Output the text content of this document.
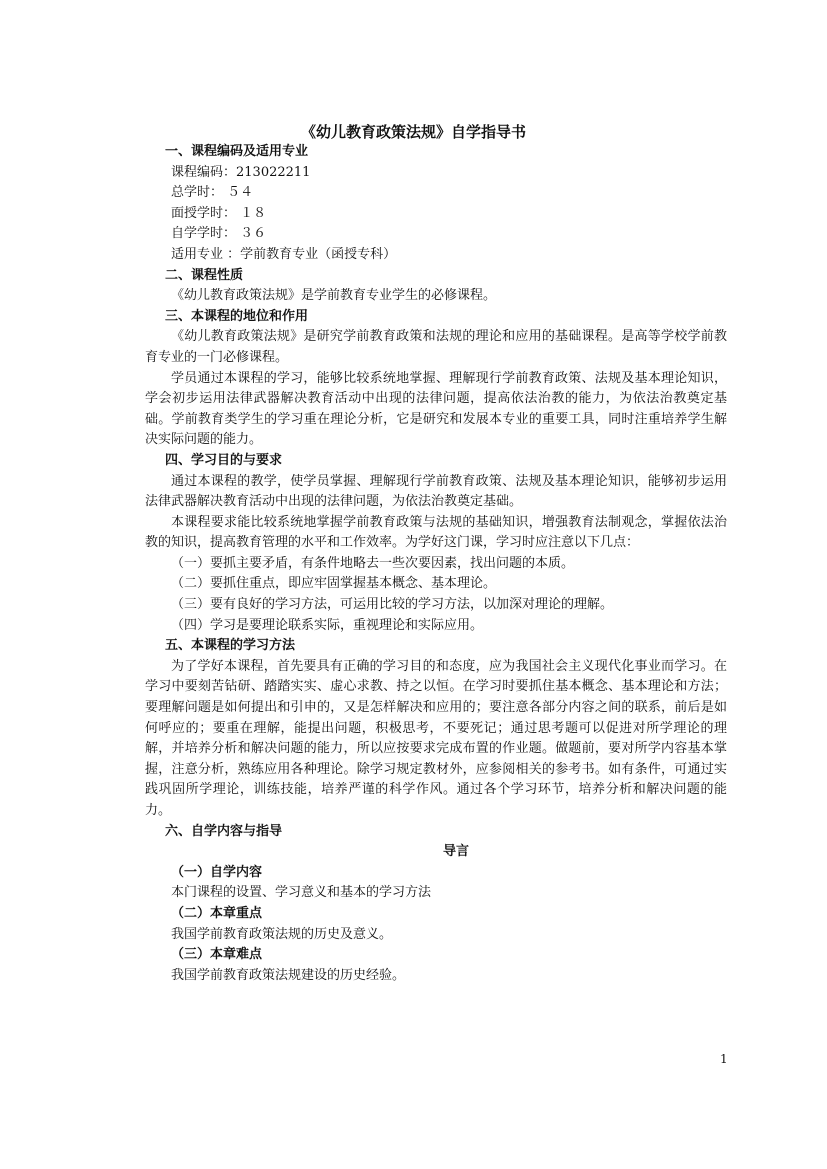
《幼儿教育政策法规》自学指导书

一、课程编码及适用专业

课程编码：213022211

总学时： ５４

面授学时： １８

自学学时： ３６

适用专业 ：学前教育专业（函授专科）

二、课程性质

《幼儿教育政策法规》是学前教育专业学生的必修课程。

三、本课程的地位和作用

《幼儿教育政策法规》是研究学前教育政策和法规的理论和应用的基础课程。是高等学校学前教育专业的一门必修课程。

学员通过本课程的学习，能够比较系统地掌握、理解现行学前教育政策、法规及基本理论知识，学会初步运用法律武器解决教育活动中出现的法律问题，提高依法治教的能力，为依法治教奠定基础。学前教育类学生的学习重在理论分析，它是研究和发展本专业的重要工具，同时注重培养学生解决实际问题的能力。

四、学习目的与要求

通过本课程的教学，使学员掌握、理解现行学前教育政策、法规及基本理论知识，能够初步运用法律武器解决教育活动中出现的法律问题，为依法治教奠定基础。

本课程要求能比较系统地掌握学前教育政策与法规的基础知识，增强教育法制观念，掌握依法治教的知识，提高教育管理的水平和工作效率。为学好这门课，学习时应注意以下几点：

（一）要抓主要矛盾，有条件地略去一些次要因素，找出问题的本质。

（二）要抓住重点，即应牢固掌握基本概念、基本理论。

（三）要有良好的学习方法，可运用比较的学习方法，以加深对理论的理解。

（四）学习是要理论联系实际，重视理论和实际应用。

五、本课程的学习方法

为了学好本课程，首先要具有正确的学习目的和态度，应为我国社会主义现代化事业而学习。在学习中要刻苦钻研、踏踏实实、虚心求教、持之以恒。在学习时要抓住基本概念、基本理论和方法；要理解问题是如何提出和引申的，又是怎样解决和应用的；要注意各部分内容之间的联系，前后是如何呼应的；要重在理解，能提出问题，积极思考，不要死记；通过思考题可以促进对所学理论的理解，并培养分析和解决问题的能力，所以应按要求完成布置的作业题。做题前，要对所学内容基本掌握，注意分析，熟练应用各种理论。除学习规定教材外，应参阅相关的参考书。如有条件，可通过实践巩固所学理论，训练技能，培养严谨的科学作风。通过各个学习环节，培养分析和解决问题的能力。

六、自学内容与指导

导言

（一）自学内容

本门课程的设置、学习意义和基本的学习方法

（二）本章重点

我国学前教育政策法规的历史及意义。

（三）本章难点

我国学前教育政策法规建设的历史经验。

1
